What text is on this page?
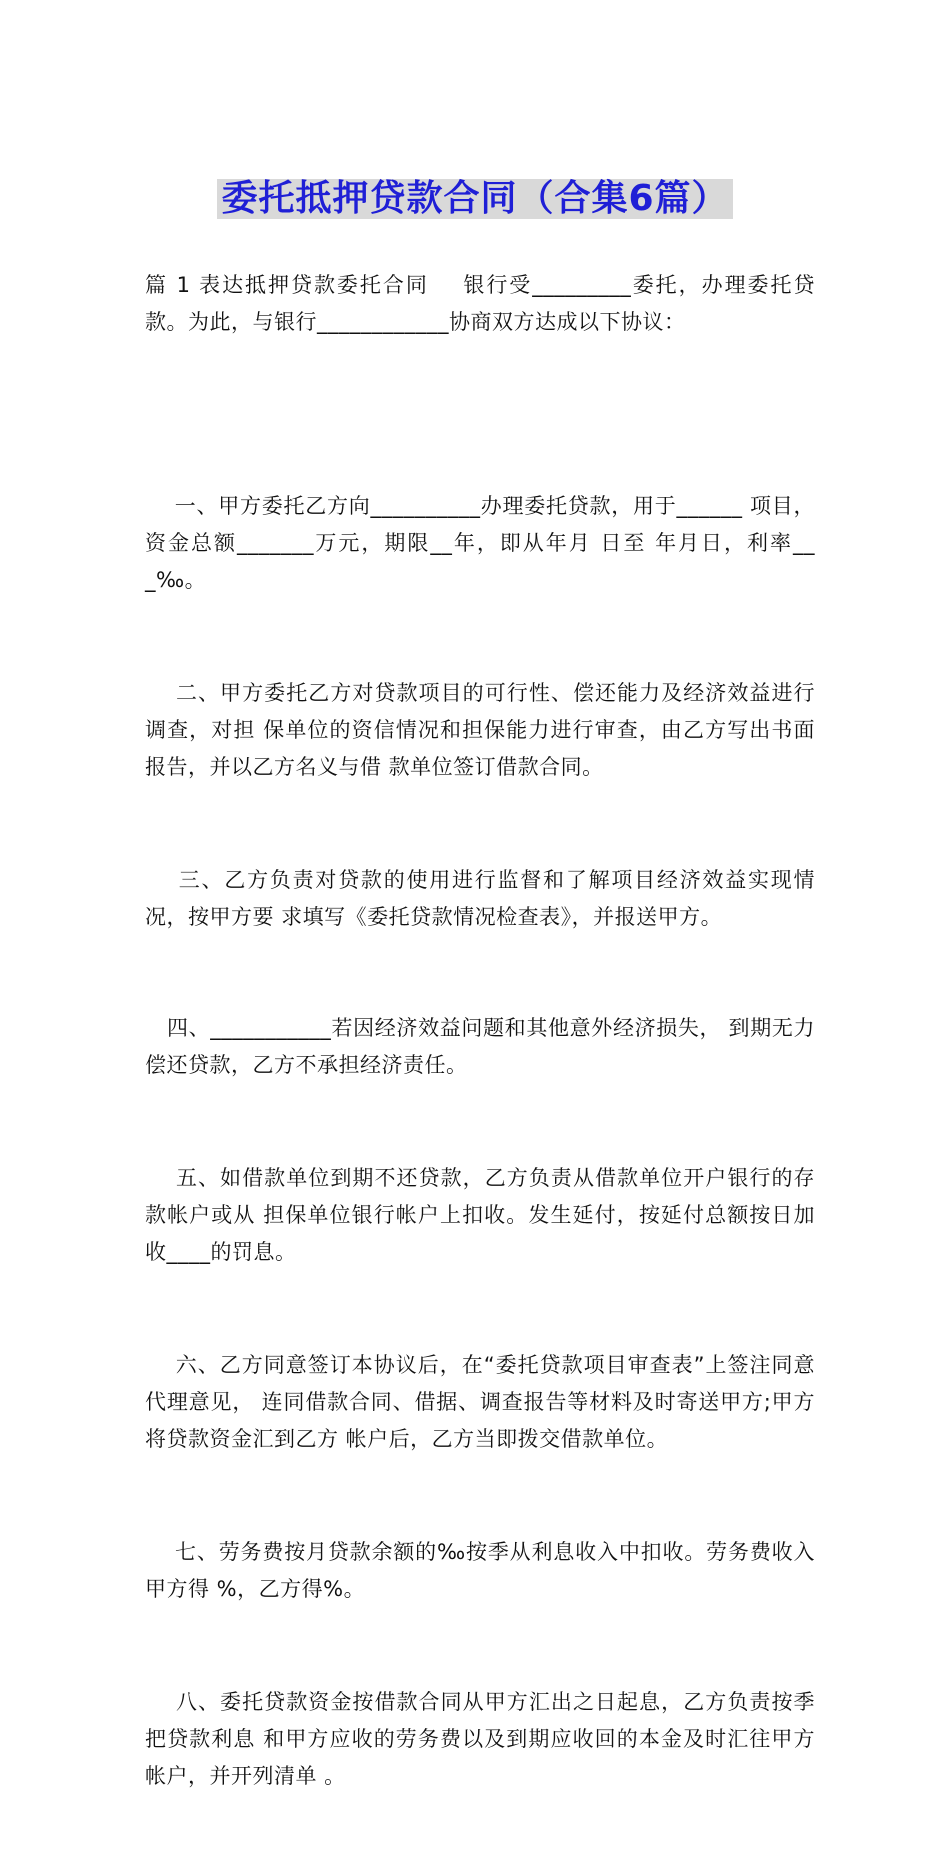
委托抵押贷款合同（合集6篇）
篇 1 表达抵押贷款委托合同    银行受_________委托，办理委托贷款。为此，与银行____________协商双方达成以下协议：

一、甲方委托乙方向__________办理委托贷款，用于______ 项目，资金总额_______万元，期限__年，即从年月 日至 年月日，利率___‰。

二、甲方委托乙方对贷款项目的可行性、偿还能力及经济效益进行调查，对担 保单位的资信情况和担保能力进行审查，由乙方写出书面报告，并以乙方名义与借 款单位签订借款合同。

三、乙方负责对贷款的使用进行监督和了解项目经济效益实现情况，按甲方要 求填写《委托贷款情况检查表》，并报送甲方。

四、___________若因经济效益问题和其他意外经济损失， 到期无力偿还贷款，乙方不承担经济责任。

五、如借款单位到期不还贷款，乙方负责从借款单位开户银行的存款帐户或从 担保单位银行帐户上扣收。发生延付，按延付总额按日加收____的罚息。

六、乙方同意签订本协议后，在“委托贷款项目审查表”上签注同意代理意见， 连同借款合同、借据、调查报告等材料及时寄送甲方;甲方将贷款资金汇到乙方 帐户后，乙方当即拨交借款单位。

七、劳务费按月贷款余额的‰按季从利息收入中扣收。劳务费收入甲方得 %，乙方得%。

八、委托贷款资金按借款合同从甲方汇出之日起息，乙方负责按季把贷款利息 和甲方应收的劳务费以及到期应收回的本金及时汇往甲方帐户，并开列清单 。
